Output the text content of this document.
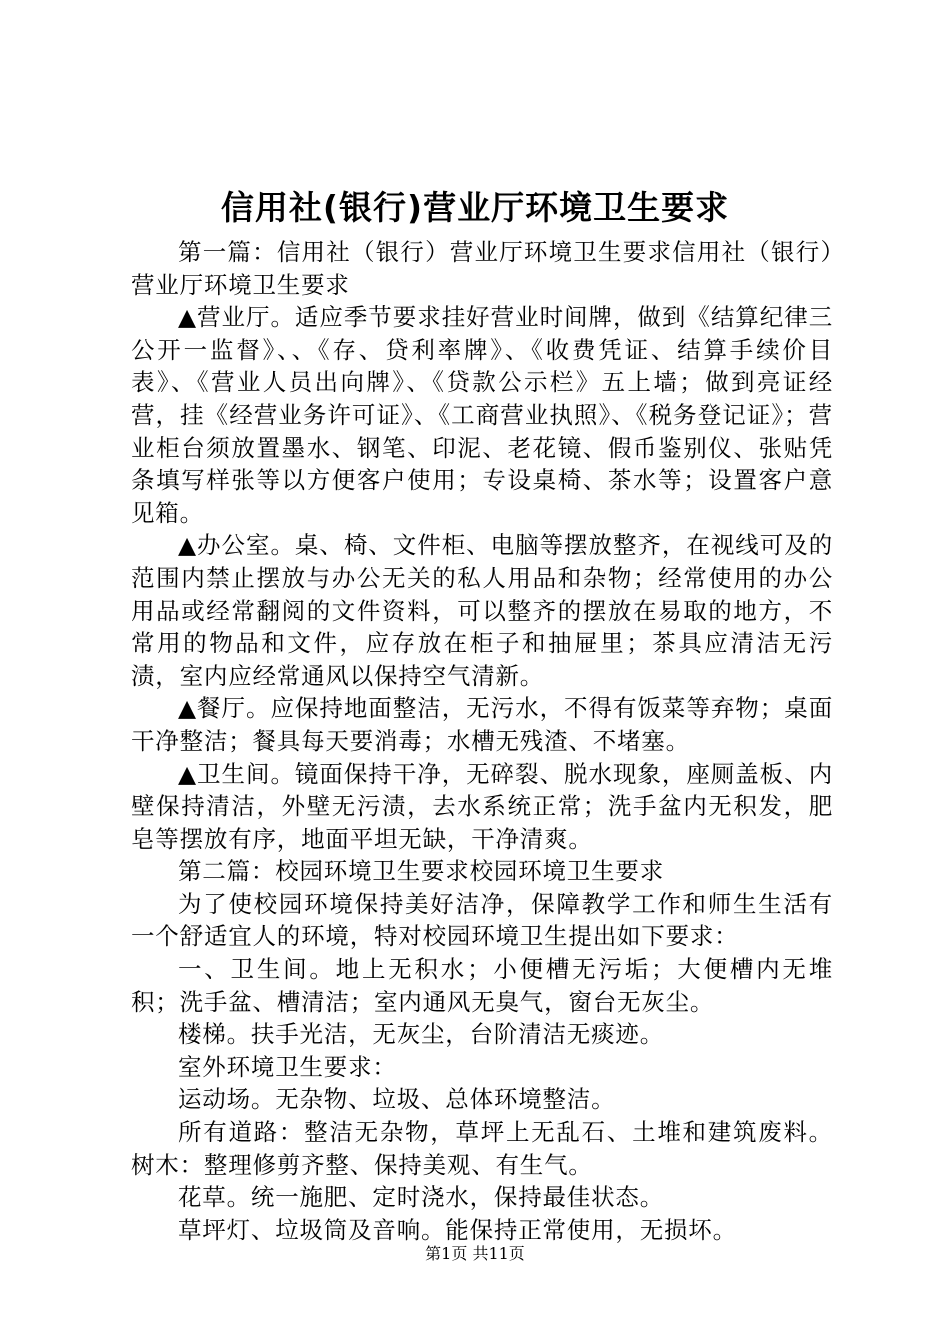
信用社(银行)营业厅环境卫生要求

第一篇：信用社（银行）营业厅环境卫生要求信用社（银行）营业厅环境卫生要求

▲营业厅。适应季节要求挂好营业时间牌，做到《结算纪律三公开一监督》、、《存、贷利率牌》、《收费凭证、结算手续价目表》、《营业人员出向牌》、《贷款公示栏》五上墙；做到亮证经营，挂《经营业务许可证》、《工商营业执照》、《税务登记证》；营业柜台须放置墨水、钢笔、印泥、老花镜、假币鉴别仪、张贴凭条填写样张等以方便客户使用；专设桌椅、茶水等；设置客户意见箱。

▲办公室。桌、椅、文件柜、电脑等摆放整齐，在视线可及的范围内禁止摆放与办公无关的私人用品和杂物；经常使用的办公用品或经常翻阅的文件资料，可以整齐的摆放在易取的地方，不常用的物品和文件，应存放在柜子和抽屉里；茶具应清洁无污渍，室内应经常通风以保持空气清新。

▲餐厅。应保持地面整洁，无污水，不得有饭菜等弃物；桌面干净整洁；餐具每天要消毒；水槽无残渣、不堵塞。

▲卫生间。镜面保持干净，无碎裂、脱水现象，座厕盖板、内壁保持清洁，外壁无污渍，去水系统正常；洗手盆内无积发，肥皂等摆放有序，地面平坦无缺，干净清爽。

第二篇：校园环境卫生要求校园环境卫生要求

为了使校园环境保持美好洁净，保障教学工作和师生生活有一个舒适宜人的环境，特对校园环境卫生提出如下要求：

一、卫生间。地上无积水；小便槽无污垢；大便槽内无堆积；洗手盆、槽清洁；室内通风无臭气，窗台无灰尘。

楼梯。扶手光洁，无灰尘，台阶清洁无痰迹。

室外环境卫生要求：

运动场。无杂物、垃圾、总体环境整洁。

所有道路：整洁无杂物，草坪上无乱石、土堆和建筑废料。树木：整理修剪齐整、保持美观、有生气。

花草。统一施肥、定时浇水，保持最佳状态。

草坪灯、垃圾筒及音响。能保持正常使用，无损坏。

第1页 共11页
